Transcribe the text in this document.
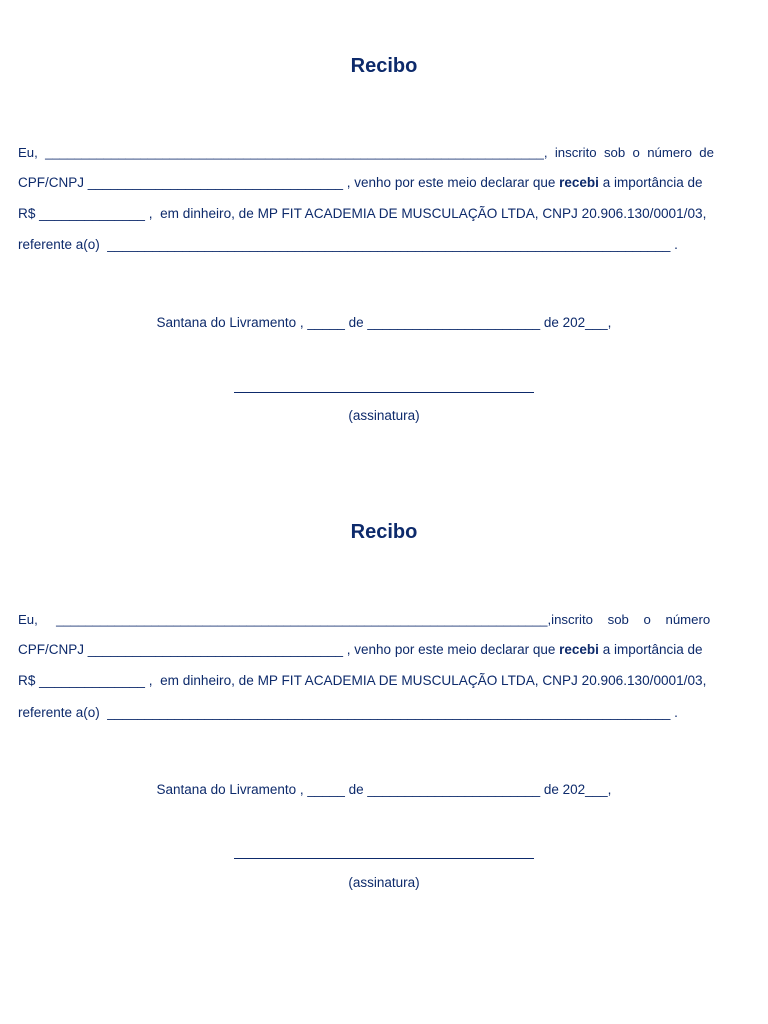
Recibo
Eu,  ____________________________________________________________________,  inscrito  sob  o  número  de
CPF/CNPJ __________________________________ , venho por este meio declarar que recebi a importância de
R$ ______________ ,  em dinheiro, de MP FIT ACADEMIA DE MUSCULAÇÃO LTDA, CNPJ 20.906.130/0001/03,
referente a(o)  ___________________________________________________________________________ .
Santana do Livramento , _____ de _______________________ de 202___,
(assinatura)
Recibo
Eu,     ___________________________________________________________________,inscrito    sob    o    número
CPF/CNPJ __________________________________ , venho por este meio declarar que recebi a importância de
R$ ______________ ,  em dinheiro, de MP FIT ACADEMIA DE MUSCULAÇÃO LTDA, CNPJ 20.906.130/0001/03,
referente a(o)  ___________________________________________________________________________ .
Santana do Livramento , _____ de _______________________ de 202___,
(assinatura)
